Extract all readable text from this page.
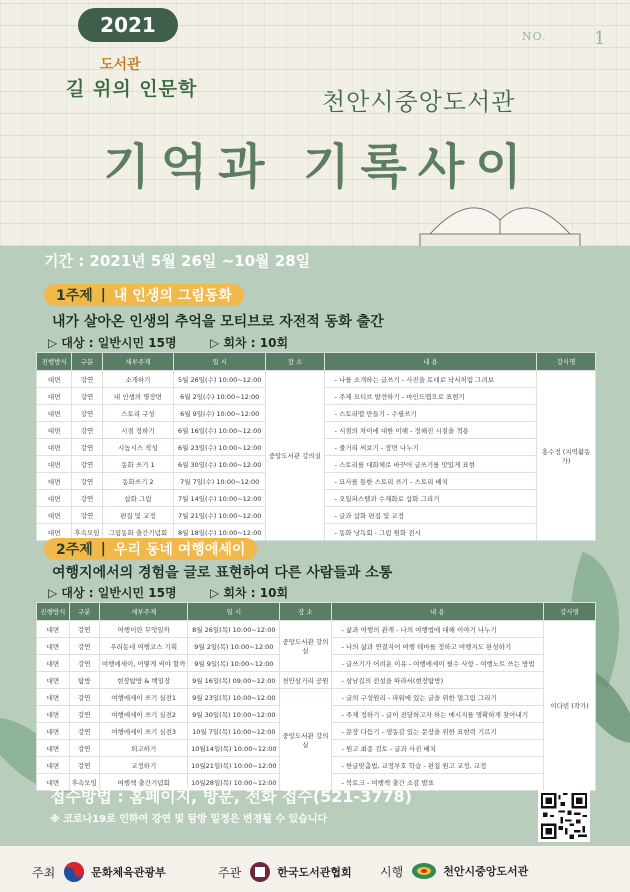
2021	NO.	1
도서관
길 위의 인문학	천안시중앙도서관
기억과 기록사이
기간 : 2021년 5월 26일 ~10월 28일
1주제 | 내 인생의 그림동화
내가 살아온 인생의 추억을 모티브로 자전적 동화 출간
▷ 대상 : 일반시민 15명	▷ 회차 : 10회
진행방식	구분	세부주제	일 시	장 소	내 용	강사명
대면	강연	소개하기	5월 26일(수) 10:00~12:00	중앙도서관 강의실	- 나를 소개하는 글쓰기 - 사진을 토대로 낙서처럼 그려보	홍수정 (지역활동가)
대면	강연	내 인생의 명장면	6월 2일(수) 10:00~12:00		- 주제 모티브 발견하기 - 마인드맵으로 표현기	
대면	강연	스토리 구성	6월 9일(수) 10:00~12:00		- 스토리맵 만들기 - 수필쓰기	
대면	강연	시점 정하기	6월 16일(수) 10:00~12:00		- 시점의 차이에 대한 이해 - 정해진 시점을 적용	
대면	강연	시놉시스 작성	6월 23일(수) 10:00~12:00		- 줄거리 써보기 - 장면 나누기	
대면	강연	동화 쓰기 1	6월 30일(수) 10:00~12:00		- 스토리를 대화체로 바꾸어 글쓰기를 맛있게 표현	
대면	강연	동화쓰기 2	7월 7일(수) 10:00~12:00		- 묘사를 통한 스토리 쓰기 - 스토리 배치	
대면	강연	삽화 그림	7월 14일(수) 10:00~12:00		- 오일파스텔과 수채화로 삽화 그리기	
대면	강연	편집 및 교정	7월 21일(수) 10:00~12:00		- 글과 삽화 편집 및 교정	
대면	후속모임	그림동화 출간기념회	8월 18일(수) 10:00~12:00		- 동화 낭독회 - 그림 원화 전시	
2주제 | 우리 동네 여행에세이
여행지에서의 경험을 글로 표현하여 다른 사람들과 소통
▷ 대상 : 일반시민 15명	▷ 회차 : 10회
진행방식	구분	세부주제	일 시	장 소	내 용	강사명
대면	강연	여행이란 무엇일까	8월 26일(목) 10:00~12:00	중앙도서관 강의실	- 삶과 여행의 관계 - 나의 여행법에 대해 이야기 나누기	이다빈 (작가)
대면	강연	우리동네 여행코스 기획	9월 2일(목) 10:00~12:00		- 나의 삶과 연결지어 여행 테마를 정하고 여행지도 완성하기	
대면	강연	여행에세이, 어떻게 써야 할까	9월 9일(목) 10:00~12:00		- 글쓰기가 어려운 이유 - 여행에세이 필수 사항 - 여행노트 쓰는 방법	
대면	탐방	현장탐방 & 백일장	9월 16일(목) 09:00~12:00	천안삼거리 공원	- 삼남길의 전설을 따라서(현장탐방)	
대면	강연	여행에세이 쓰기 실전1	9월 23일(목) 10:00~12:00	중앙도서관 강의실	- 글의 구성원리 - 파워에 있는 글을 위한 멀그림 그리기	
대면	강연	여행에세이 쓰기 실전2	9월 30일(목) 10:00~12:00		- 주제 정하기 - 글이 전달하고자 하는 메시지를 명확하게 찾아내기	
대면	강연	여행에세이 쓰기 실전3	10월 7일(목) 10:00~12:00		- 문장 다듬기 - 생동감 있는 문장을 위한 표현력 기르기	
대면	강연	퇴고하기	10월14일(목) 10:00~12:00		- 원고 최종 검토 - 글과 사진 배치	
대면	강연	교정하기	10월21일(목) 10:00~12:00		- 한글맞춤법, 교정부호 학습 - 편집 원고 교정, 교정	
대면	후속모임	여행책 출간기념회	10월28일(목) 10:00~12:00		- 북토크 - 여행책 출간 소감 발표	
접수방법 : 홈페이지, 방문, 전화 접수(521-3778)
※ 코로나19로 인하여 강연 및 탐방 일정은 변경될 수 있습니다
주최	문화체육관광부	주관	한국도서관협회 시행	천안시중앙도서관
